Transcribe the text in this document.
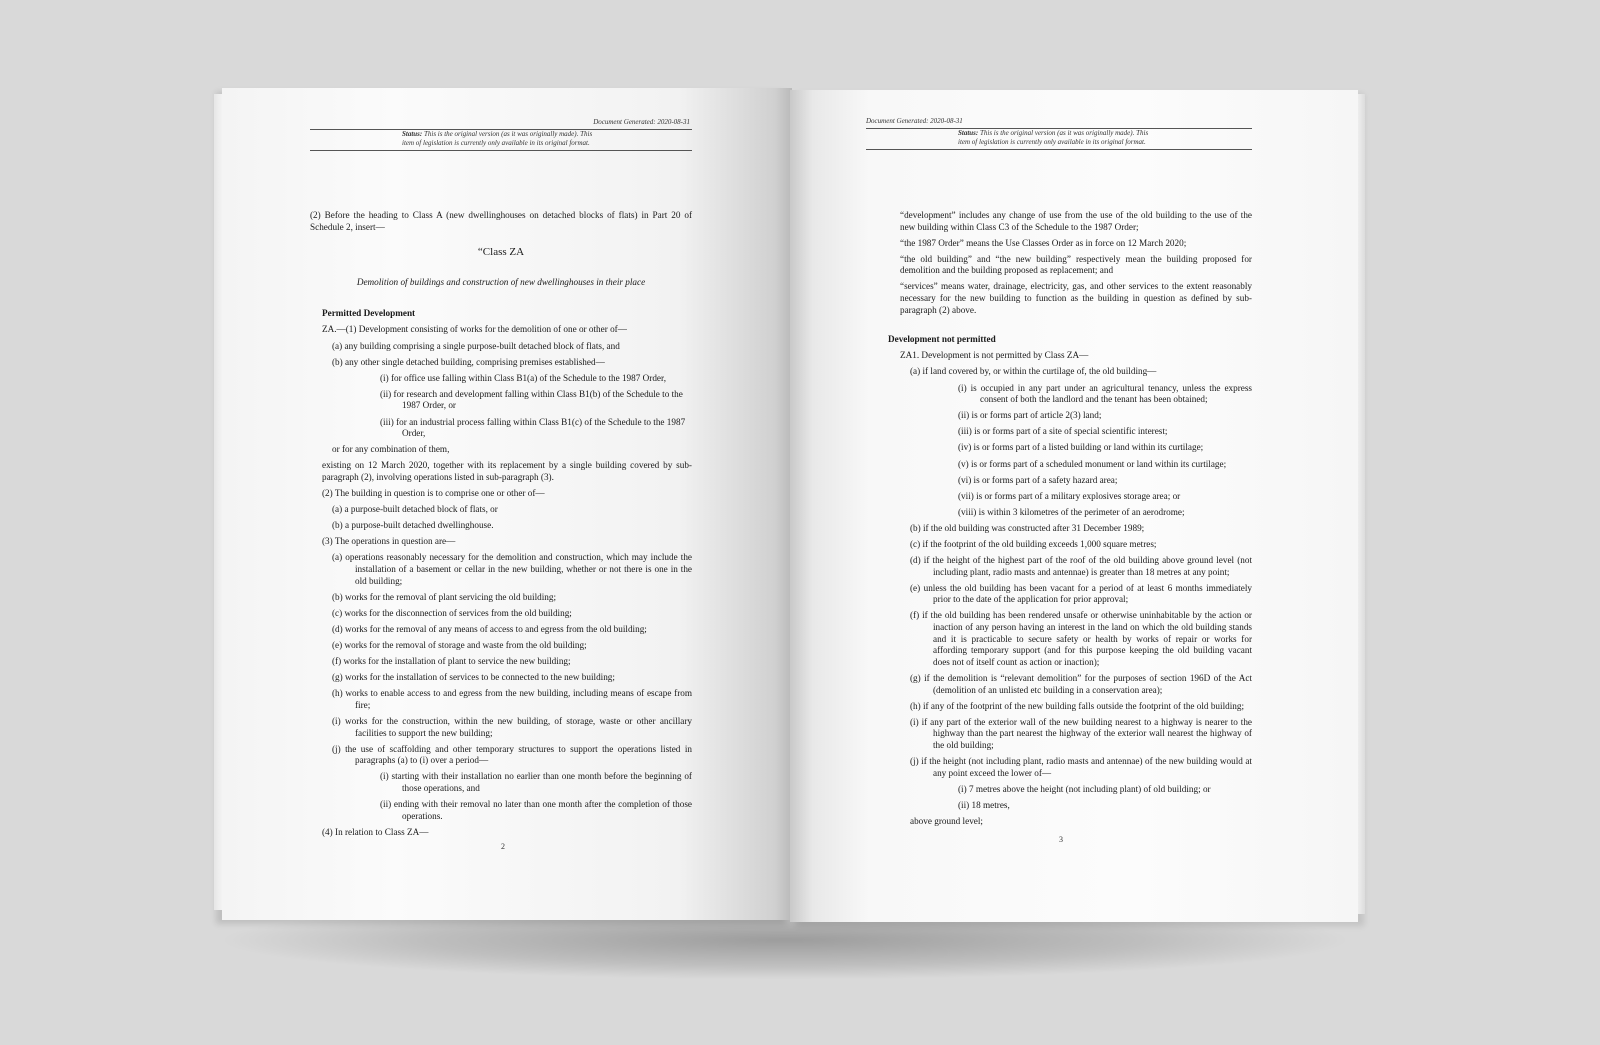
Document Generated: 2020-08-31
Status: This is the original version (as it was originally made). This
item of legislation is currently only available in its original format.

(2) Before the heading to Class A (new dwellinghouses on detached blocks of flats) in Part 20 of Schedule 2, insert—

“Class ZA

Demolition of buildings and construction of new dwellinghouses in their place

Permitted Development

ZA.—(1) Development consisting of works for the demolition of one or other of—

(a) any building comprising a single purpose-built detached block of flats, and

(b) any other single detached building, comprising premises established—

(i) for office use falling within Class B1(a) of the Schedule to the 1987 Order,

(ii) for research and development falling within Class B1(b) of the Schedule to the 1987 Order, or

(iii) for an industrial process falling within Class B1(c) of the Schedule to the 1987 Order,

or for any combination of them,

existing on 12 March 2020, together with its replacement by a single building covered by sub-paragraph (2), involving operations listed in sub-paragraph (3).

(2) The building in question is to comprise one or other of—

(a) a purpose-built detached block of flats, or

(b) a purpose-built detached dwellinghouse.

(3) The operations in question are—

(a) operations reasonably necessary for the demolition and construction, which may include the installation of a basement or cellar in the new building, whether or not there is one in the old building;

(b) works for the removal of plant servicing the old building;

(c) works for the disconnection of services from the old building;

(d) works for the removal of any means of access to and egress from the old building;

(e) works for the removal of storage and waste from the old building;

(f) works for the installation of plant to service the new building;

(g) works for the installation of services to be connected to the new building;

(h) works to enable access to and egress from the new building, including means of escape from fire;

(i) works for the construction, within the new building, of storage, waste or other ancillary facilities to support the new building;

(j) the use of scaffolding and other temporary structures to support the operations listed in paragraphs (a) to (i) over a period—

(i) starting with their installation no earlier than one month before the beginning of those operations, and

(ii) ending with their removal no later than one month after the completion of those operations.

(4) In relation to Class ZA—

2
Document Generated: 2020-08-31
Status: This is the original version (as it was originally made). This
item of legislation is currently only available in its original format.

“development” includes any change of use from the use of the old building to the use of the new building within Class C3 of the Schedule to the 1987 Order;

“the 1987 Order” means the Use Classes Order as in force on 12 March 2020;

“the old building” and “the new building” respectively mean the building proposed for demolition and the building proposed as replacement; and

“services” means water, drainage, electricity, gas, and other services to the extent reasonably necessary for the new building to function as the building in question as defined by sub-paragraph (2) above.

Development not permitted

ZA1. Development is not permitted by Class ZA—

(a) if land covered by, or within the curtilage of, the old building—

(i) is occupied in any part under an agricultural tenancy, unless the express consent of both the landlord and the tenant has been obtained;

(ii) is or forms part of article 2(3) land;

(iii) is or forms part of a site of special scientific interest;

(iv) is or forms part of a listed building or land within its curtilage;

(v) is or forms part of a scheduled monument or land within its curtilage;

(vi) is or forms part of a safety hazard area;

(vii) is or forms part of a military explosives storage area; or

(viii) is within 3 kilometres of the perimeter of an aerodrome;

(b) if the old building was constructed after 31 December 1989;

(c) if the footprint of the old building exceeds 1,000 square metres;

(d) if the height of the highest part of the roof of the old building above ground level (not including plant, radio masts and antennae) is greater than 18 metres at any point;

(e) unless the old building has been vacant for a period of at least 6 months immediately prior to the date of the application for prior approval;

(f) if the old building has been rendered unsafe or otherwise uninhabitable by the action or inaction of any person having an interest in the land on which the old building stands and it is practicable to secure safety or health by works of repair or works for affording temporary support (and for this purpose keeping the old building vacant does not of itself count as action or inaction);

(g) if the demolition is “relevant demolition” for the purposes of section 196D of the Act (demolition of an unlisted etc building in a conservation area);

(h) if any of the footprint of the new building falls outside the footprint of the old building;

(i) if any part of the exterior wall of the new building nearest to a highway is nearer to the highway than the part nearest the highway of the exterior wall nearest the highway of the old building;

(j) if the height (not including plant, radio masts and antennae) of the new building would at any point exceed the lower of—

(i) 7 metres above the height (not including plant) of old building; or

(ii) 18 metres,

above ground level;

3
